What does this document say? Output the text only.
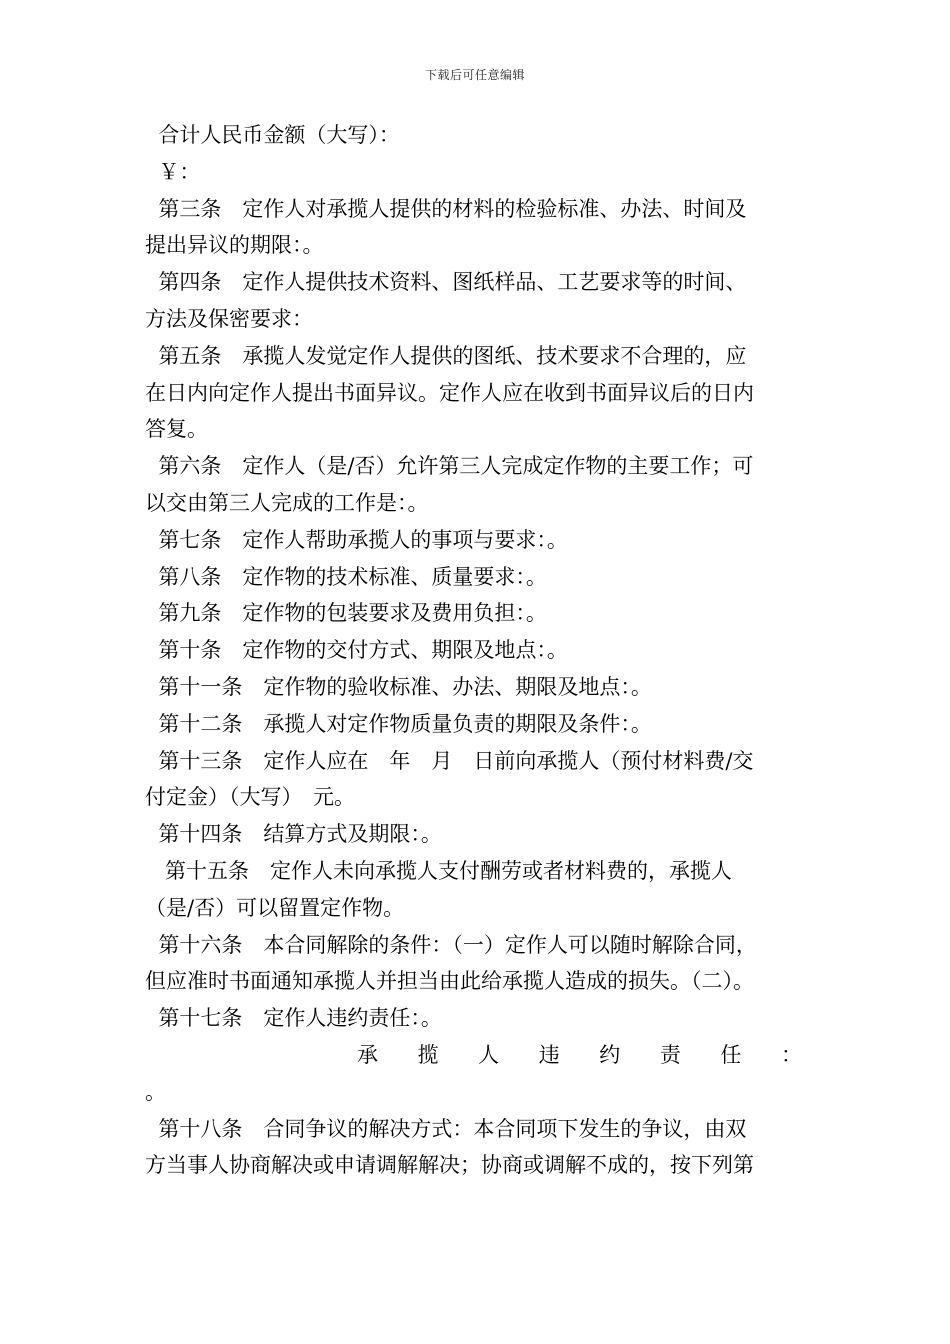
下载后可任意编辑
合计人民币金额（大写）：
￥：
第三条　定作人对承揽人提供的材料的检验标准、办法、时间及
提出异议的期限：。
第四条　定作人提供技术资料、图纸样品、工艺要求等的时间、
方法及保密要求：
第五条　承揽人发觉定作人提供的图纸、技术要求不合理的，应
在日内向定作人提出书面异议。定作人应在收到书面异议后的日内
答复。
第六条　定作人（是/否）允许第三人完成定作物的主要工作；可
以交由第三人完成的工作是：。
第七条　定作人帮助承揽人的事项与要求：。
第八条　定作物的技术标准、质量要求：。
第九条　定作物的包装要求及费用负担：。
第十条　定作物的交付方式、期限及地点：。
第十一条　定作物的验收标准、办法、期限及地点：。
第十二条　承揽人对定作物质量负责的期限及条件：。
第十三条　定作人应在　年　月　日前向承揽人（预付材料费/交
付定金）（大写）　元。
第十四条　结算方式及期限：。
第十五条　定作人未向承揽人支付酬劳或者材料费的，承揽人
（是/否）可以留置定作物。
第十六条　本合同解除的条件：（一）定作人可以随时解除合同，
但应准时书面通知承揽人并担当由此给承揽人造成的损失。（二）。
第十七条　定作人违约责任：。
承 揽 人 违 约 责 任 ：
。
第十八条　合同争议的解决方式：本合同项下发生的争议，由双
方当事人协商解决或申请调解解决；协商或调解不成的，按下列第
